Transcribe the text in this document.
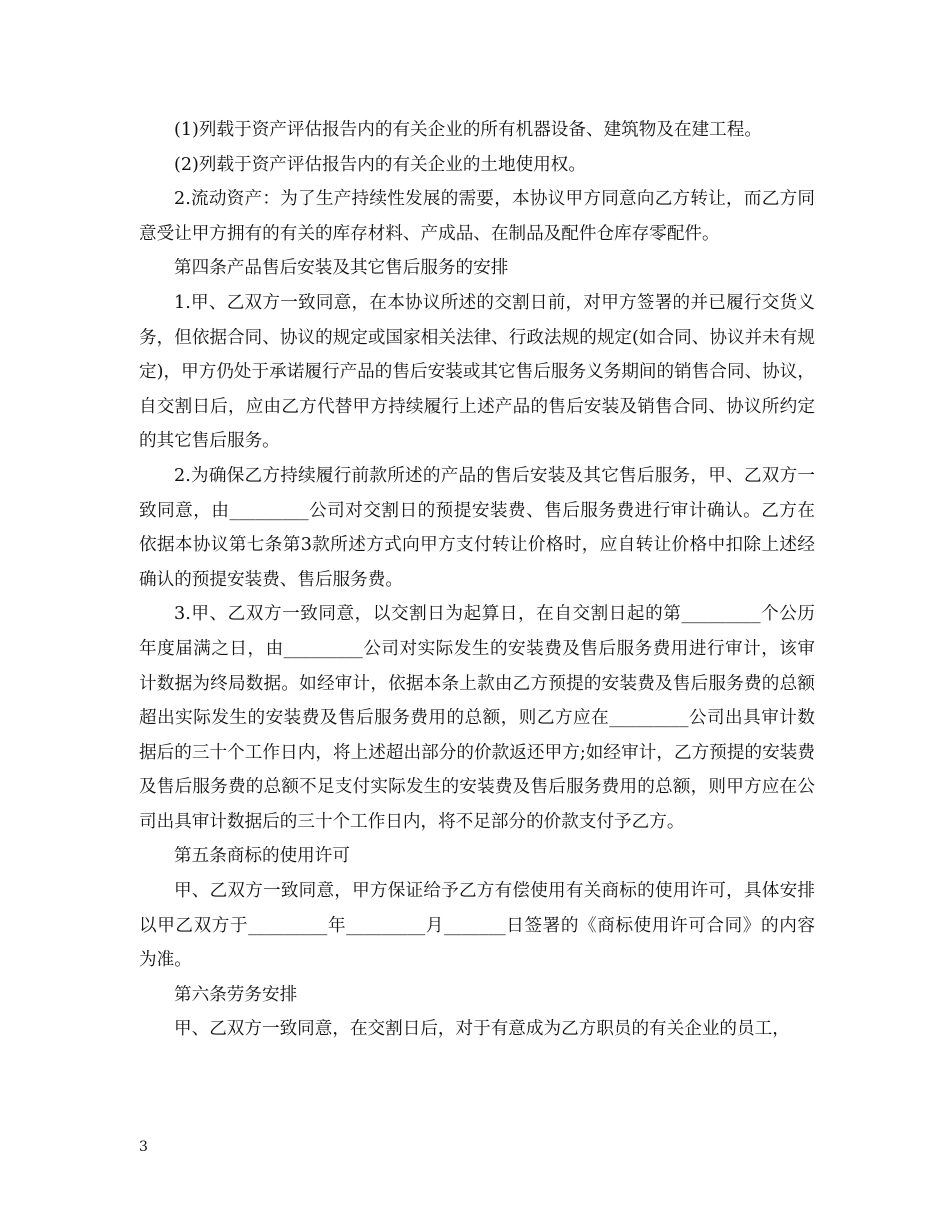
(1)列载于资产评估报告内的有关企业的所有机器设备、建筑物及在建工程。

(2)列载于资产评估报告内的有关企业的土地使用权。

2.流动资产：为了生产持续性发展的需要，本协议甲方同意向乙方转让，而乙方同意受让甲方拥有的有关的库存材料、产成品、在制品及配件仓库存零配件。

第四条产品售后安装及其它售后服务的安排

1.甲、乙双方一致同意，在本协议所述的交割日前，对甲方签署的并已履行交货义务，但依据合同、协议的规定或国家相关法律、行政法规的规定(如合同、协议并未有规定)，甲方仍处于承诺履行产品的售后安装或其它售后服务义务期间的销售合同、协议，自交割日后，应由乙方代替甲方持续履行上述产品的售后安装及销售合同、协议所约定的其它售后服务。

2.为确保乙方持续履行前款所述的产品的售后安装及其它售后服务，甲、乙双方一致同意，由_________公司对交割日的预提安装费、售后服务费进行审计确认。乙方在依据本协议第七条第3款所述方式向甲方支付转让价格时，应自转让价格中扣除上述经确认的预提安装费、售后服务费。

3.甲、乙双方一致同意，以交割日为起算日，在自交割日起的第_________个公历年度届满之日，由_________公司对实际发生的安装费及售后服务费用进行审计，该审计数据为终局数据。如经审计，依据本条上款由乙方预提的安装费及售后服务费的总额超出实际发生的安装费及售后服务费用的总额，则乙方应在_________公司出具审计数据后的三十个工作日内，将上述超出部分的价款返还甲方;如经审计，乙方预提的安装费及售后服务费的总额不足支付实际发生的安装费及售后服务费用的总额，则甲方应在公司出具审计数据后的三十个工作日内，将不足部分的价款支付予乙方。

第五条商标的使用许可

甲、乙双方一致同意，甲方保证给予乙方有偿使用有关商标的使用许可，具体安排以甲乙双方于_________年_________月_______日签署的《商标使用许可合同》的内容为准。

第六条劳务安排

甲、乙双方一致同意，在交割日后，对于有意成为乙方职员的有关企业的员工，

3
